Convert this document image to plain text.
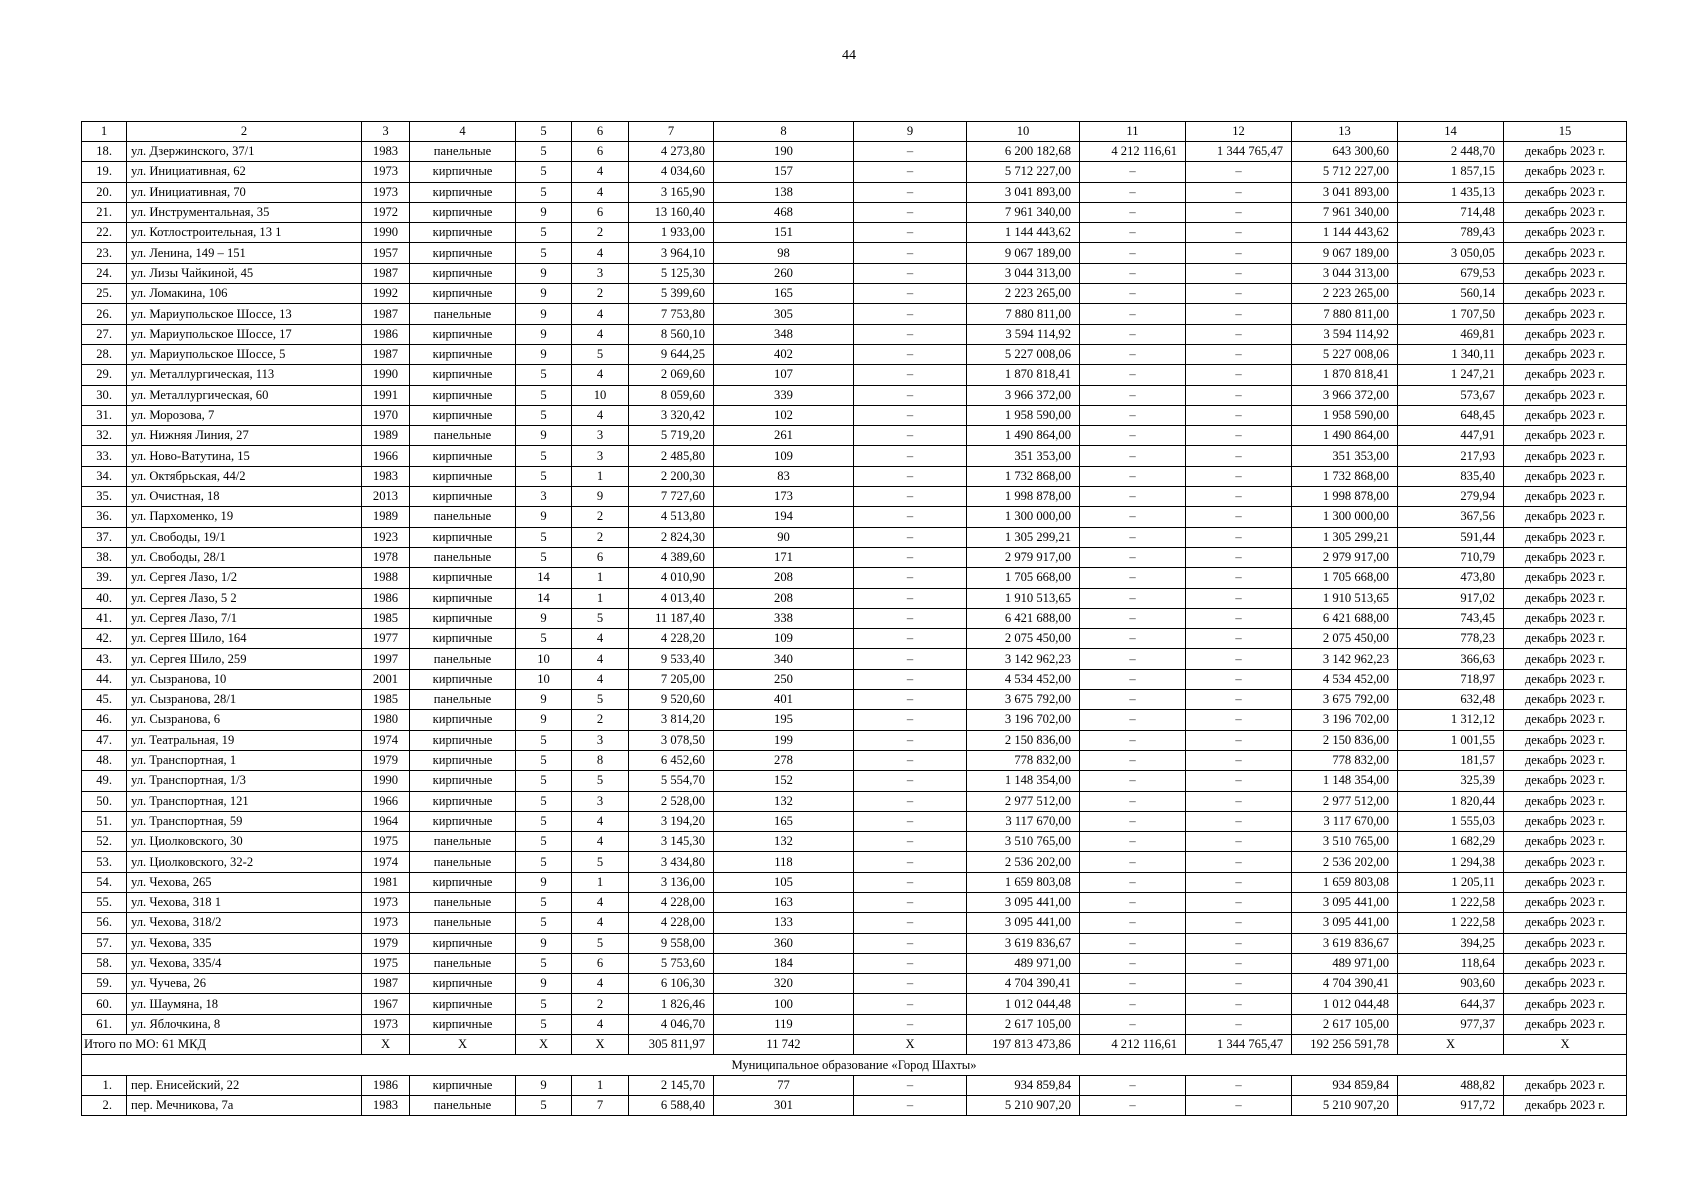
44
1	2	3	4	5	6	7	8	9	10	11	12	13	14	15
18.	ул. Дзержинского, 37/1	1983	панельные	5	6	4 273,80	190	–	6 200 182,68	4 212 116,61	1 344 765,47	643 300,60	2 448,70	декабрь 2023 г.
19.	ул. Инициативная, 62	1973	кирпичные	5	4	4 034,60	157	–	5 712 227,00	–	–	5 712 227,00	1 857,15	декабрь 2023 г.
20.	ул. Инициативная, 70	1973	кирпичные	5	4	3 165,90	138	–	3 041 893,00	–	–	3 041 893,00	1 435,13	декабрь 2023 г.
21.	ул. Инструментальная, 35	1972	кирпичные	9	6	13 160,40	468	–	7 961 340,00	–	–	7 961 340,00	714,48	декабрь 2023 г.
22.	ул. Котлостроительная, 13 1	1990	кирпичные	5	2	1 933,00	151	–	1 144 443,62	–	–	1 144 443,62	789,43	декабрь 2023 г.
23.	ул. Ленина, 149 – 151	1957	кирпичные	5	4	3 964,10	98	–	9 067 189,00	–	–	9 067 189,00	3 050,05	декабрь 2023 г.
24.	ул. Лизы Чайкиной, 45	1987	кирпичные	9	3	5 125,30	260	–	3 044 313,00	–	–	3 044 313,00	679,53	декабрь 2023 г.
25.	ул. Ломакина, 106	1992	кирпичные	9	2	5 399,60	165	–	2 223 265,00	–	–	2 223 265,00	560,14	декабрь 2023 г.
26.	ул. Мариупольское Шоссе, 13	1987	панельные	9	4	7 753,80	305	–	7 880 811,00	–	–	7 880 811,00	1 707,50	декабрь 2023 г.
27.	ул. Мариупольское Шоссе, 17	1986	кирпичные	9	4	8 560,10	348	–	3 594 114,92	–	–	3 594 114,92	469,81	декабрь 2023 г.
28.	ул. Мариупольское Шоссе, 5	1987	кирпичные	9	5	9 644,25	402	–	5 227 008,06	–	–	5 227 008,06	1 340,11	декабрь 2023 г.
29.	ул. Металлургическая, 113	1990	кирпичные	5	4	2 069,60	107	–	1 870 818,41	–	–	1 870 818,41	1 247,21	декабрь 2023 г.
30.	ул. Металлургическая, 60	1991	кирпичные	5	10	8 059,60	339	–	3 966 372,00	–	–	3 966 372,00	573,67	декабрь 2023 г.
31.	ул. Морозова, 7	1970	кирпичные	5	4	3 320,42	102	–	1 958 590,00	–	–	1 958 590,00	648,45	декабрь 2023 г.
32.	ул. Нижняя Линия, 27	1989	панельные	9	3	5 719,20	261	–	1 490 864,00	–	–	1 490 864,00	447,91	декабрь 2023 г.
33.	ул. Ново-Ватутина, 15	1966	кирпичные	5	3	2 485,80	109	–	351 353,00	–	–	351 353,00	217,93	декабрь 2023 г.
34.	ул. Октябрьская, 44/2	1983	кирпичные	5	1	2 200,30	83	–	1 732 868,00	–	–	1 732 868,00	835,40	декабрь 2023 г.
35.	ул. Очистная, 18	2013	кирпичные	3	9	7 727,60	173	–	1 998 878,00	–	–	1 998 878,00	279,94	декабрь 2023 г.
36.	ул. Пархоменко, 19	1989	панельные	9	2	4 513,80	194	–	1 300 000,00	–	–	1 300 000,00	367,56	декабрь 2023 г.
37.	ул. Свободы, 19/1	1923	кирпичные	5	2	2 824,30	90	–	1 305 299,21	–	–	1 305 299,21	591,44	декабрь 2023 г.
38.	ул. Свободы, 28/1	1978	панельные	5	6	4 389,60	171	–	2 979 917,00	–	–	2 979 917,00	710,79	декабрь 2023 г.
39.	ул. Сергея Лазо, 1/2	1988	кирпичные	14	1	4 010,90	208	–	1 705 668,00	–	–	1 705 668,00	473,80	декабрь 2023 г.
40.	ул. Сергея Лазо, 5 2	1986	кирпичные	14	1	4 013,40	208	–	1 910 513,65	–	–	1 910 513,65	917,02	декабрь 2023 г.
41.	ул. Сергея Лазо, 7/1	1985	кирпичные	9	5	11 187,40	338	–	6 421 688,00	–	–	6 421 688,00	743,45	декабрь 2023 г.
42.	ул. Сергея Шило, 164	1977	кирпичные	5	4	4 228,20	109	–	2 075 450,00	–	–	2 075 450,00	778,23	декабрь 2023 г.
43.	ул. Сергея Шило, 259	1997	панельные	10	4	9 533,40	340	–	3 142 962,23	–	–	3 142 962,23	366,63	декабрь 2023 г.
44.	ул. Сызранова, 10	2001	кирпичные	10	4	7 205,00	250	–	4 534 452,00	–	–	4 534 452,00	718,97	декабрь 2023 г.
45.	ул. Сызранова, 28/1	1985	панельные	9	5	9 520,60	401	–	3 675 792,00	–	–	3 675 792,00	632,48	декабрь 2023 г.
46.	ул. Сызранова, 6	1980	кирпичные	9	2	3 814,20	195	–	3 196 702,00	–	–	3 196 702,00	1 312,12	декабрь 2023 г.
47.	ул. Театральная, 19	1974	кирпичные	5	3	3 078,50	199	–	2 150 836,00	–	–	2 150 836,00	1 001,55	декабрь 2023 г.
48.	ул. Транспортная, 1	1979	кирпичные	5	8	6 452,60	278	–	778 832,00	–	–	778 832,00	181,57	декабрь 2023 г.
49.	ул. Транспортная, 1/3	1990	кирпичные	5	5	5 554,70	152	–	1 148 354,00	–	–	1 148 354,00	325,39	декабрь 2023 г.
50.	ул. Транспортная, 121	1966	кирпичные	5	3	2 528,00	132	–	2 977 512,00	–	–	2 977 512,00	1 820,44	декабрь 2023 г.
51.	ул. Транспортная, 59	1964	кирпичные	5	4	3 194,20	165	–	3 117 670,00	–	–	3 117 670,00	1 555,03	декабрь 2023 г.
52.	ул. Циолковского, 30	1975	панельные	5	4	3 145,30	132	–	3 510 765,00	–	–	3 510 765,00	1 682,29	декабрь 2023 г.
53.	ул. Циолковского, 32-2	1974	панельные	5	5	3 434,80	118	–	2 536 202,00	–	–	2 536 202,00	1 294,38	декабрь 2023 г.
54.	ул. Чехова, 265	1981	кирпичные	9	1	3 136,00	105	–	1 659 803,08	–	–	1 659 803,08	1 205,11	декабрь 2023 г.
55.	ул. Чехова, 318 1	1973	панельные	5	4	4 228,00	163	–	3 095 441,00	–	–	3 095 441,00	1 222,58	декабрь 2023 г.
56.	ул. Чехова, 318/2	1973	панельные	5	4	4 228,00	133	–	3 095 441,00	–	–	3 095 441,00	1 222,58	декабрь 2023 г.
57.	ул. Чехова, 335	1979	кирпичные	9	5	9 558,00	360	–	3 619 836,67	–	–	3 619 836,67	394,25	декабрь 2023 г.
58.	ул. Чехова, 335/4	1975	панельные	5	6	5 753,60	184	–	489 971,00	–	–	489 971,00	118,64	декабрь 2023 г.
59.	ул. Чучева, 26	1987	кирпичные	9	4	6 106,30	320	–	4 704 390,41	–	–	4 704 390,41	903,60	декабрь 2023 г.
60.	ул. Шаумяна, 18	1967	кирпичные	5	2	1 826,46	100	–	1 012 044,48	–	–	1 012 044,48	644,37	декабрь 2023 г.
61.	ул. Яблочкина, 8	1973	кирпичные	5	4	4 046,70	119	–	2 617 105,00	–	–	2 617 105,00	977,37	декабрь 2023 г.
Итого по МО: 61 МКД		Х	Х	Х	Х	305 811,97	11 742	Х	197 813 473,86	4 212 116,61	1 344 765,47	192 256 591,78	Х	Х
Муниципальное образование «Город Шахты»														
1.	пер. Енисейский, 22	1986	кирпичные	9	1	2 145,70	77	–	934 859,84	–	–	934 859,84	488,82	декабрь 2023 г.
2.	пер. Мечникова, 7а	1983	панельные	5	7	6 588,40	301	–	5 210 907,20	–	–	5 210 907,20	917,72	декабрь 2023 г.
